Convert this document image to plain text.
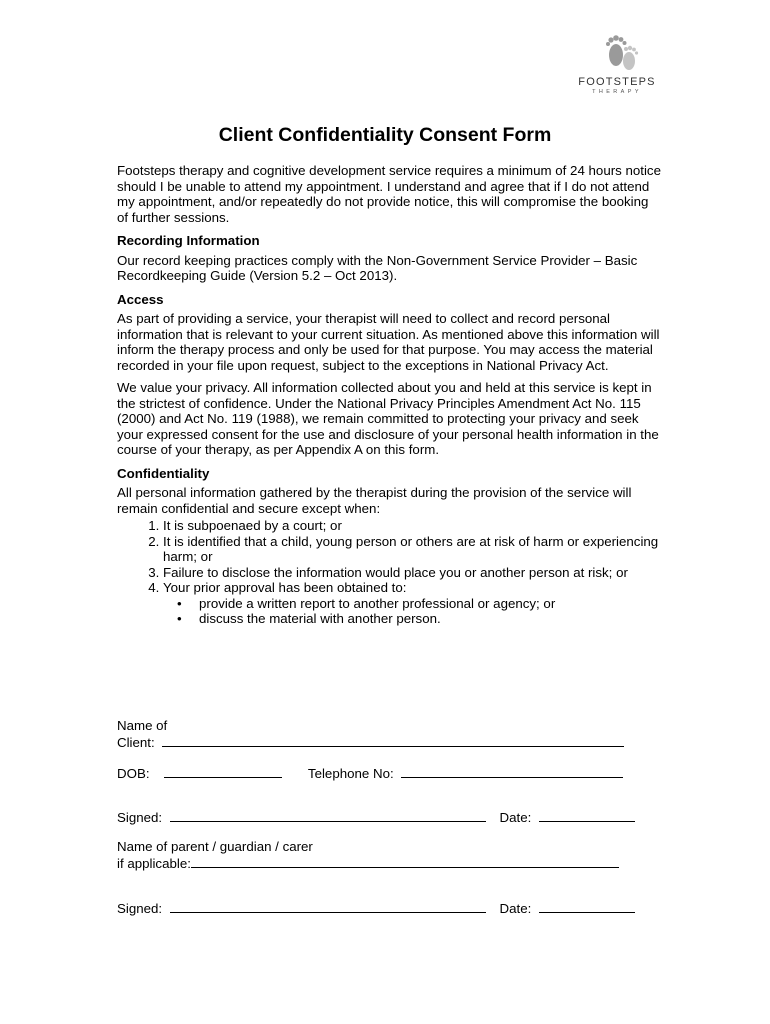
FOOTSTEPS
THERAPY
Client Confidentiality Consent Form

Footsteps therapy and cognitive development service requires a minimum of 24 hours notice should I be unable to attend my appointment. I understand and agree that if I do not attend my appointment, and/or repeatedly do not provide notice, this will compromise the booking of further sessions.

Recording Information

Our record keeping practices comply with the Non-Government Service Provider – Basic Recordkeeping Guide (Version 5.2 – Oct 2013).

Access

As part of providing a service, your therapist will need to collect and record personal information that is relevant to your current situation. As mentioned above this information will inform the therapy process and only be used for that purpose. You may access the material recorded in your file upon request, subject to the exceptions in National Privacy Act.

We value your privacy. All information collected about you and held at this service is kept in the strictest of confidence. Under the National Privacy Principles Amendment Act No. 115 (2000) and Act No. 119 (1988), we remain committed to protecting your privacy and seek your expressed consent for the use and disclosure of your personal health information in the course of your therapy, as per Appendix A on this form.

Confidentiality

All personal information gathered by the therapist during the provision of the service will remain confidential and secure except when:

1. It is subpoenaed by a court; or
2. It is identified that a child, young person or others are at risk of harm or experiencing harm; or
3. Failure to disclose the information would place you or another person at risk; or
4. Your prior approval has been obtained to:
• provide a written report to another professional or agency; or
• discuss the material with another person.
Name of
Client:
DOB:	Telephone No:
Signed:	Date:
Name of parent / guardian / carer
if applicable:
Signed:	Date:
